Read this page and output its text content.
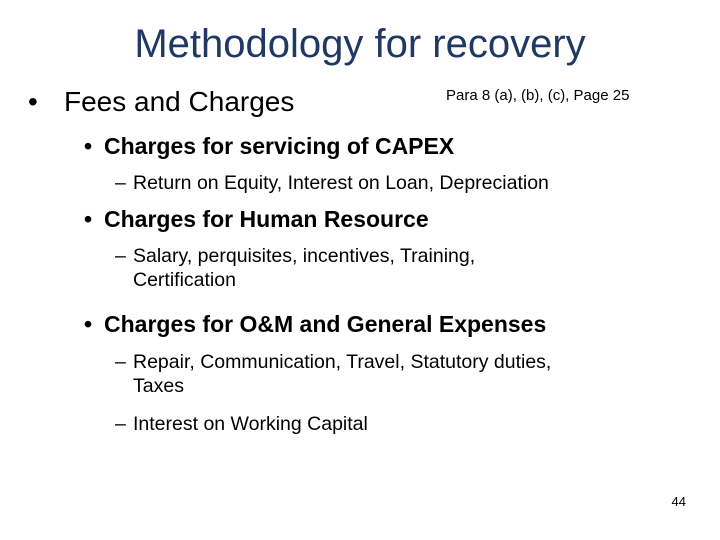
Methodology for recovery
• Fees and Charges	Para 8 (a), (b), (c), Page 25
• Charges for servicing of CAPEX
– Return on Equity, Interest on Loan, Depreciation
• Charges for Human Resource
– Salary, perquisites, incentives, Training,
Certification
• Charges for O&M and General Expenses
– Repair, Communication, Travel, Statutory duties,
Taxes
– Interest on Working Capital
44
